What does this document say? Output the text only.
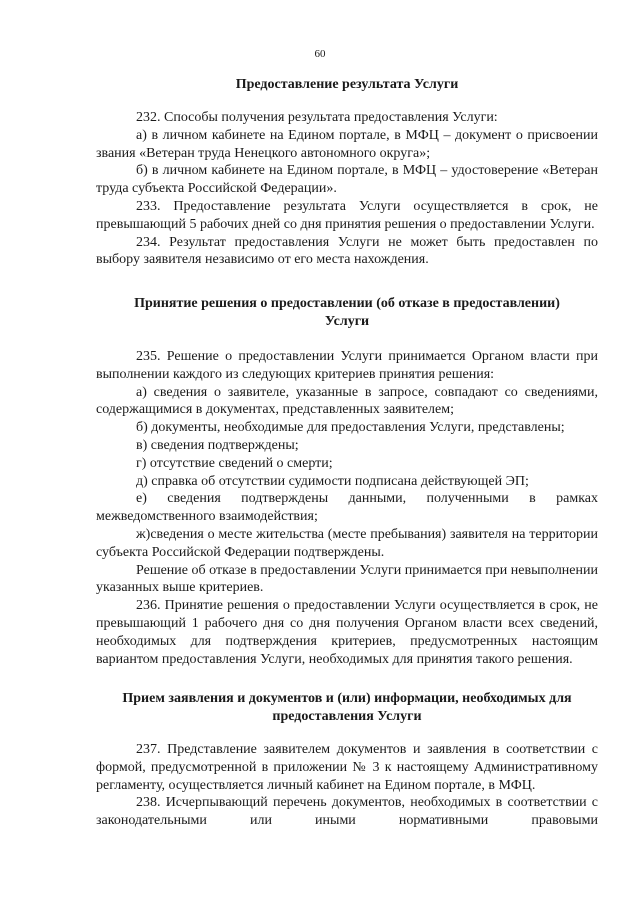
60
Предоставление результата Услуги

232. Способы получения результата предоставления Услуги:

а) в личном кабинете на Едином портале, в МФЦ – документ о присвоении звания «Ветеран труда Ненецкого автономного округа»;

б) в личном кабинете на Едином портале, в МФЦ – удостоверение «Ветеран труда субъекта Российской Федерации».

233. Предоставление результата Услуги осуществляется в срок, не превышающий 5 рабочих дней со дня принятия решения о предоставлении Услуги.

234. Результат предоставления Услуги не может быть предоставлен по выбору заявителя независимо от его места нахождения.

Принятие решения о предоставлении (об отказе в предоставлении)
Услуги

235. Решение о предоставлении Услуги принимается Органом власти при выполнении каждого из следующих критериев принятия решения:

а) сведения о заявителе, указанные в запросе, совпадают со сведениями, содержащимися в документах, представленных заявителем;

б) документы, необходимые для предоставления Услуги, представлены;

в) сведения подтверждены;

г) отсутствие сведений о смерти;

д) справка об отсутствии судимости подписана действующей ЭП;

е) сведения подтверждены данными, полученными в рамках межведомственного взаимодействия;

ж)сведения о месте жительства (месте пребывания) заявителя на территории субъекта Российской Федерации подтверждены.

Решение об отказе в предоставлении Услуги принимается при невыполнении указанных выше критериев.

236. Принятие решения о предоставлении Услуги осуществляется в срок, не превышающий 1 рабочего дня со дня получения Органом власти всех сведений, необходимых для подтверждения критериев, предусмотренных настоящим вариантом предоставления Услуги, необходимых для принятия такого решения.

Прием заявления и документов и (или) информации, необходимых для
предоставления Услуги

237. Представление заявителем документов и заявления в соответствии с формой, предусмотренной в приложении № 3 к настоящему Административному регламенту, осуществляется личный кабинет на Едином портале, в МФЦ.

238. Исчерпывающий перечень документов, необходимых в соответствии с законодательными или иными нормативными правовыми
